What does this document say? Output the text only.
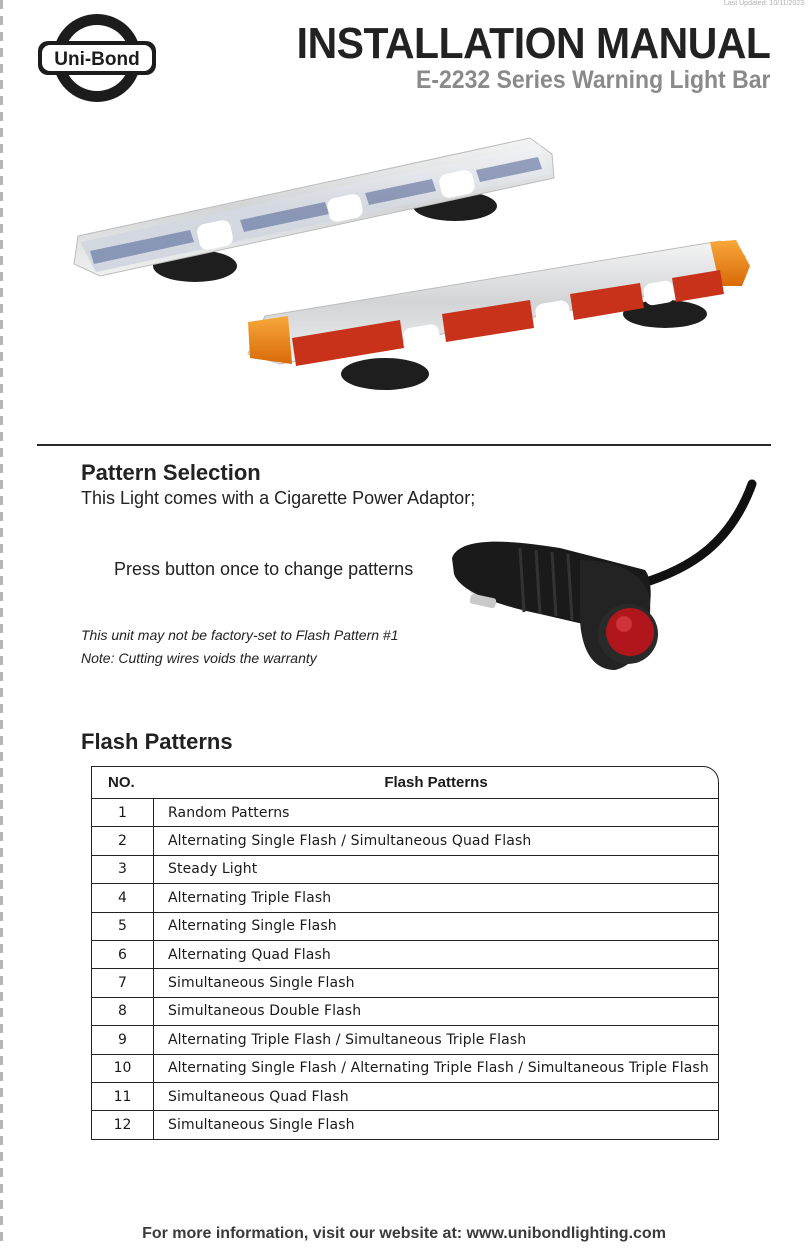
Last Updated: 10/11/2023
Uni-Bond	INSTALLATION MANUAL
E-2232 Series Warning Light Bar
Pattern Selection
This Light comes with a Cigarette Power Adaptor;
Press button once to change patterns
This unit may not be factory-set to Flash Pattern #1
Note: Cutting wires voids the warranty
Flash Patterns
NO.	Flash Patterns
1	Random Patterns
2	Alternating Single Flash / Simultaneous Quad Flash
3	Steady Light
4	Alternating Triple Flash
5	Alternating Single Flash
6	Alternating Quad Flash
7	Simultaneous Single Flash
8	Simultaneous Double Flash
9	Alternating Triple Flash / Simultaneous Triple Flash
10	Alternating Single Flash / Alternating Triple Flash / Simultaneous Triple Flash
11	Simultaneous Quad Flash
12	Simultaneous Single Flash
For more information, visit our website at: www.unibondlighting.com
